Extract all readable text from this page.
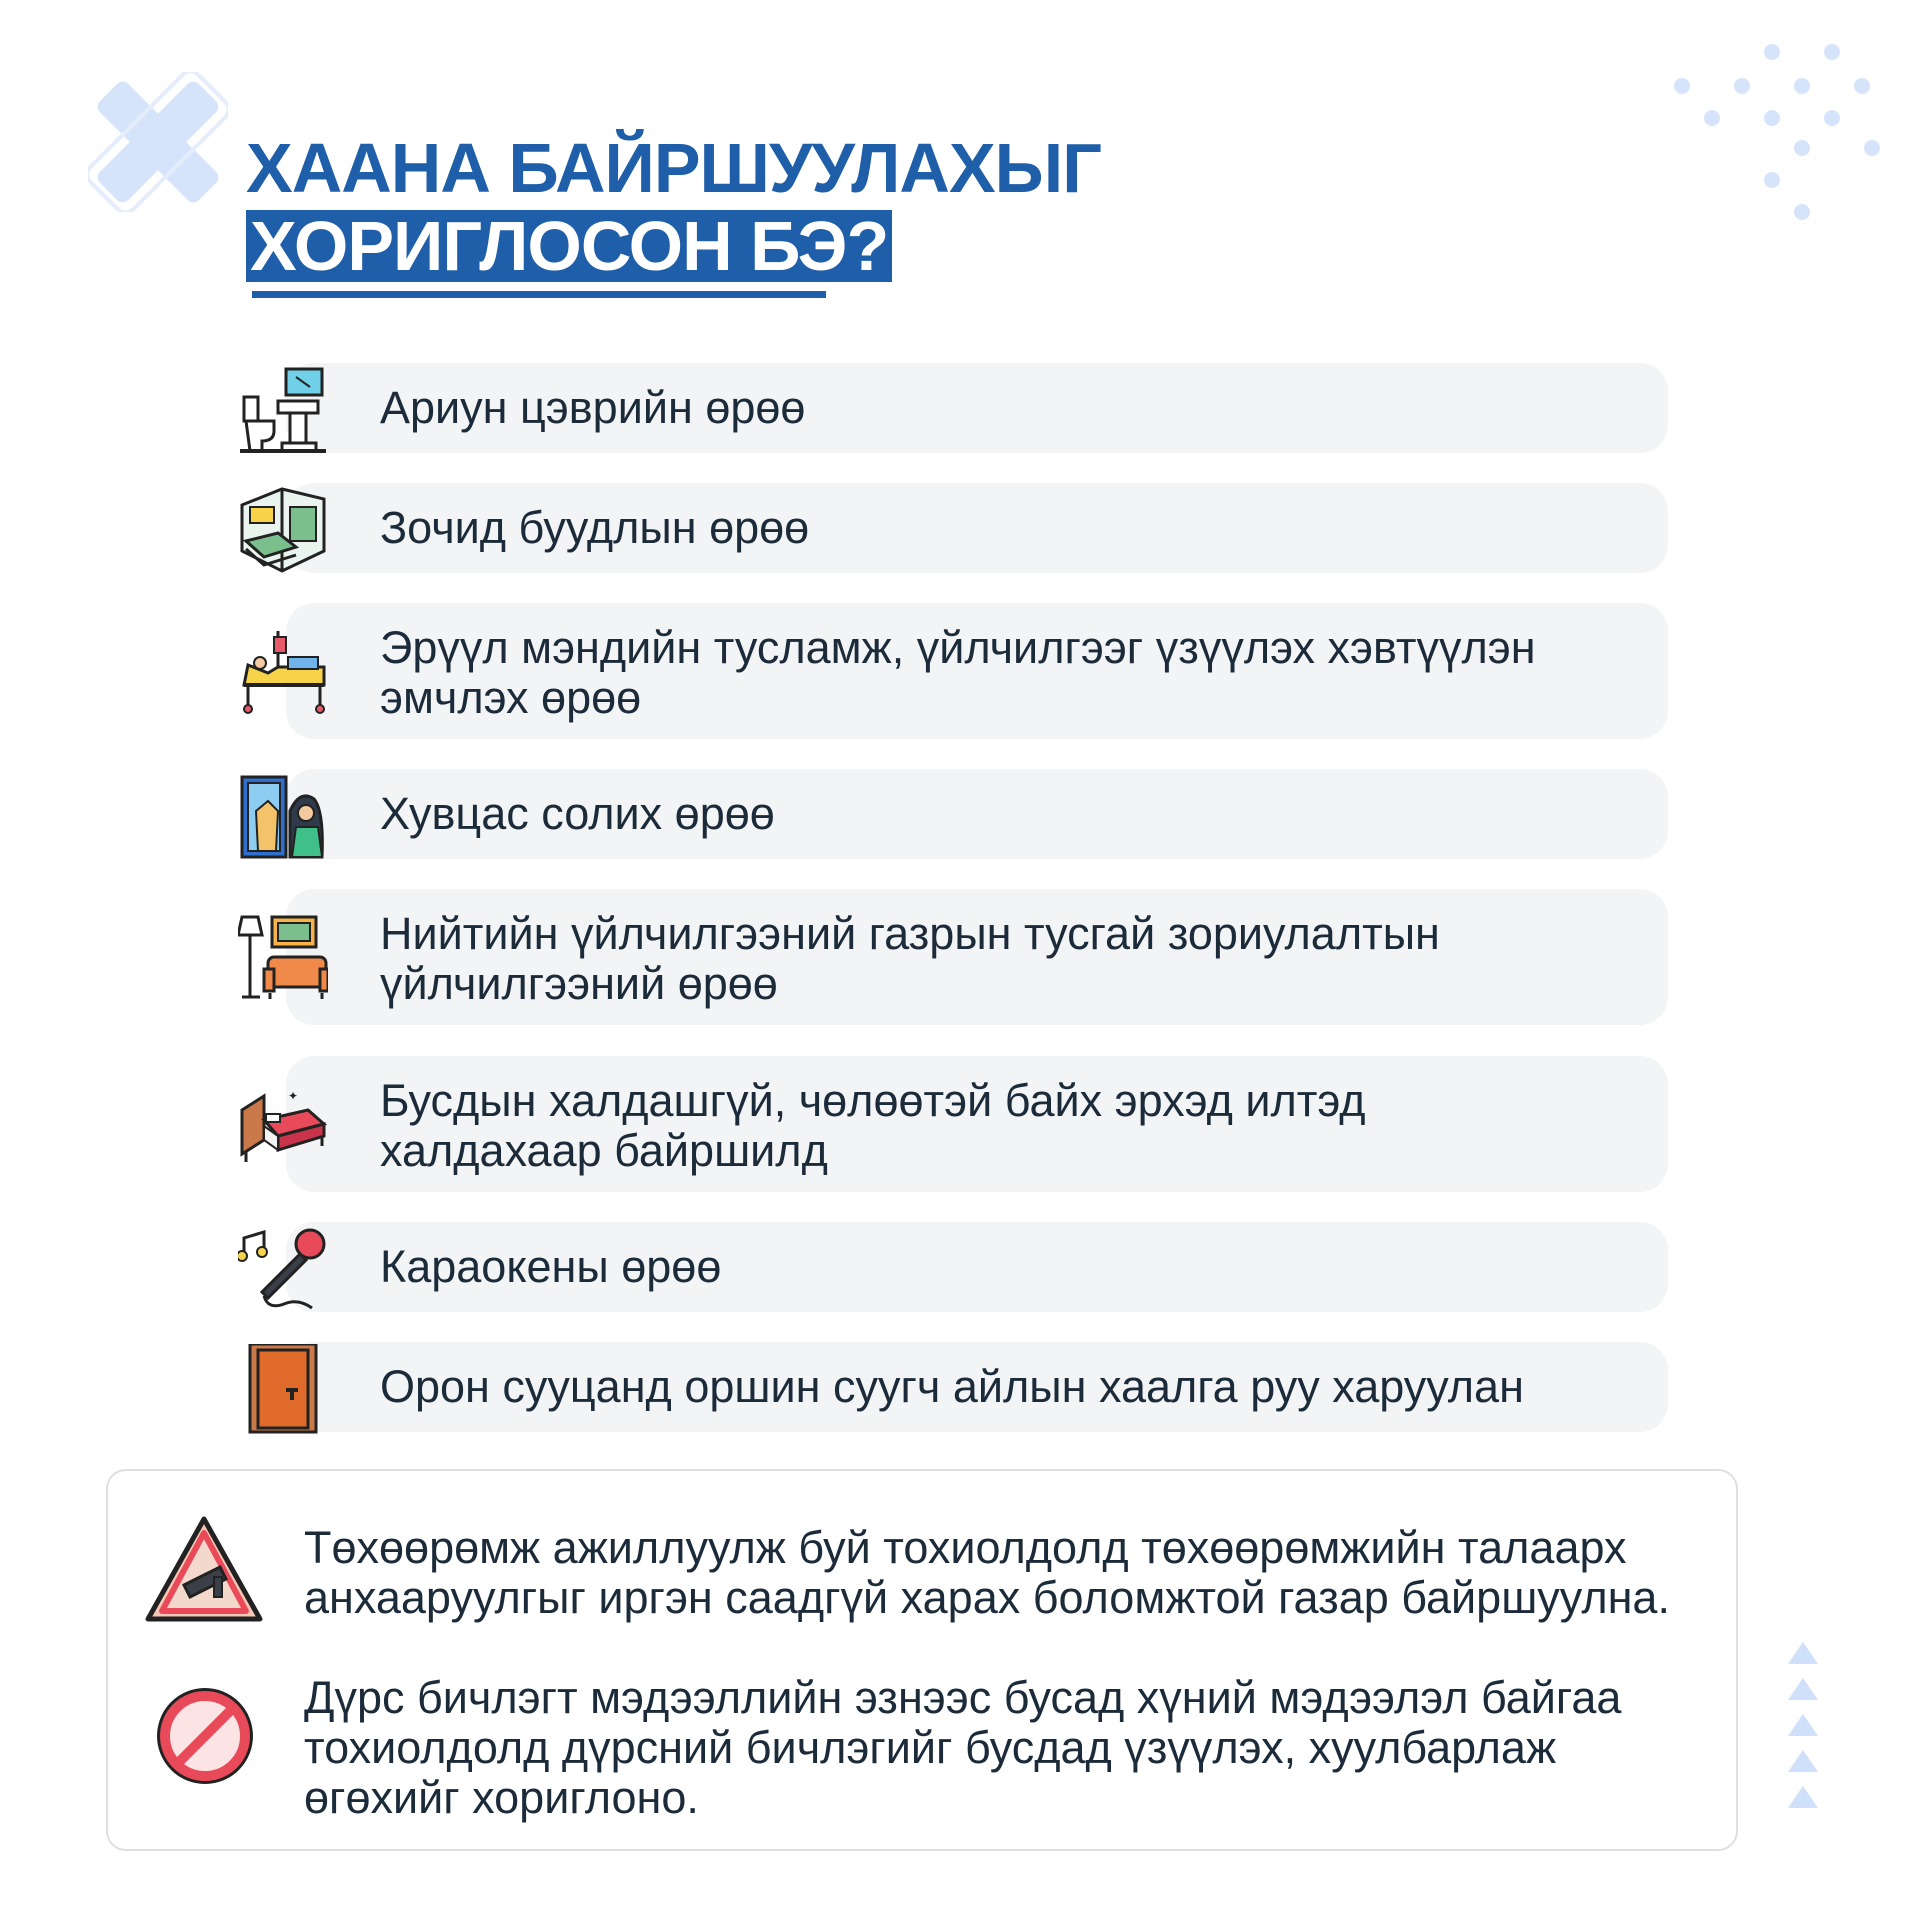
ХААНА БАЙРШУУЛАХЫГ
ХОРИГЛОСОН БЭ?
Ариун цэврийн өрөө
Зочид буудлын өрөө
Эрүүл мэндийн тусламж, үйлчилгээг үзүүлэх хэвтүүлэн
эмчлэх өрөө
Хувцас солих өрөө
Нийтийн үйлчилгээний газрын тусгай зориулалтын
үйлчилгээний өрөө
✦ Бусдын халдашгүй, чөлөөтэй байх эрхэд илтэд
халдахаар байршилд
Караокены өрөө
Орон сууцанд оршин суугч айлын хаалга руу харуулан
Төхөөрөмж ажиллуулж буй тохиолдолд төхөөрөмжийн талаарх
анхааруулгыг иргэн саадгүй харах боломжтой газар байршуулна.
Дүрс бичлэгт мэдээллийн эзнээс бусад хүний мэдээлэл байгаа
тохиолдолд дүрсний бичлэгийг бусдад үзүүлэх, хуулбарлаж
өгөхийг хориглоно.
